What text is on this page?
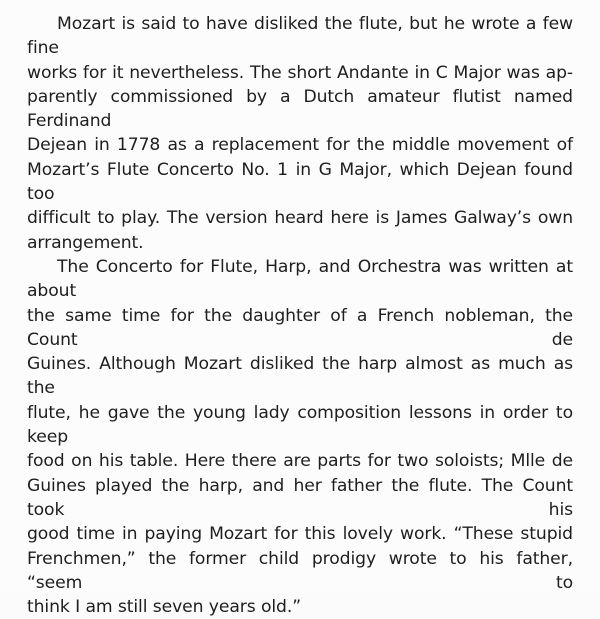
Mozart is said to have disliked the flute, but he wrote a few fine
works for it nevertheless. The short Andante in C Major was ap-
parently commissioned by a Dutch amateur flutist named Ferdinand
Dejean in 1778 as a replacement for the middle movement of
Mozart’s Flute Concerto No. 1 in G Major, which Dejean found too
difficult to play. The version heard here is James Galway’s own
arrangement.
The Concerto for Flute, Harp, and Orchestra was written at about
the same time for the daughter of a French nobleman, the Count de
Guines. Although Mozart disliked the harp almost as much as the
flute, he gave the young lady composition lessons in order to keep
food on his table. Here there are parts for two soloists; Mlle de
Guines played the harp, and her father the flute. The Count took his
good time in paying Mozart for this lovely work. “These stupid
Frenchmen,” the former child prodigy wrote to his father, “seem to
think I am still seven years old.”
